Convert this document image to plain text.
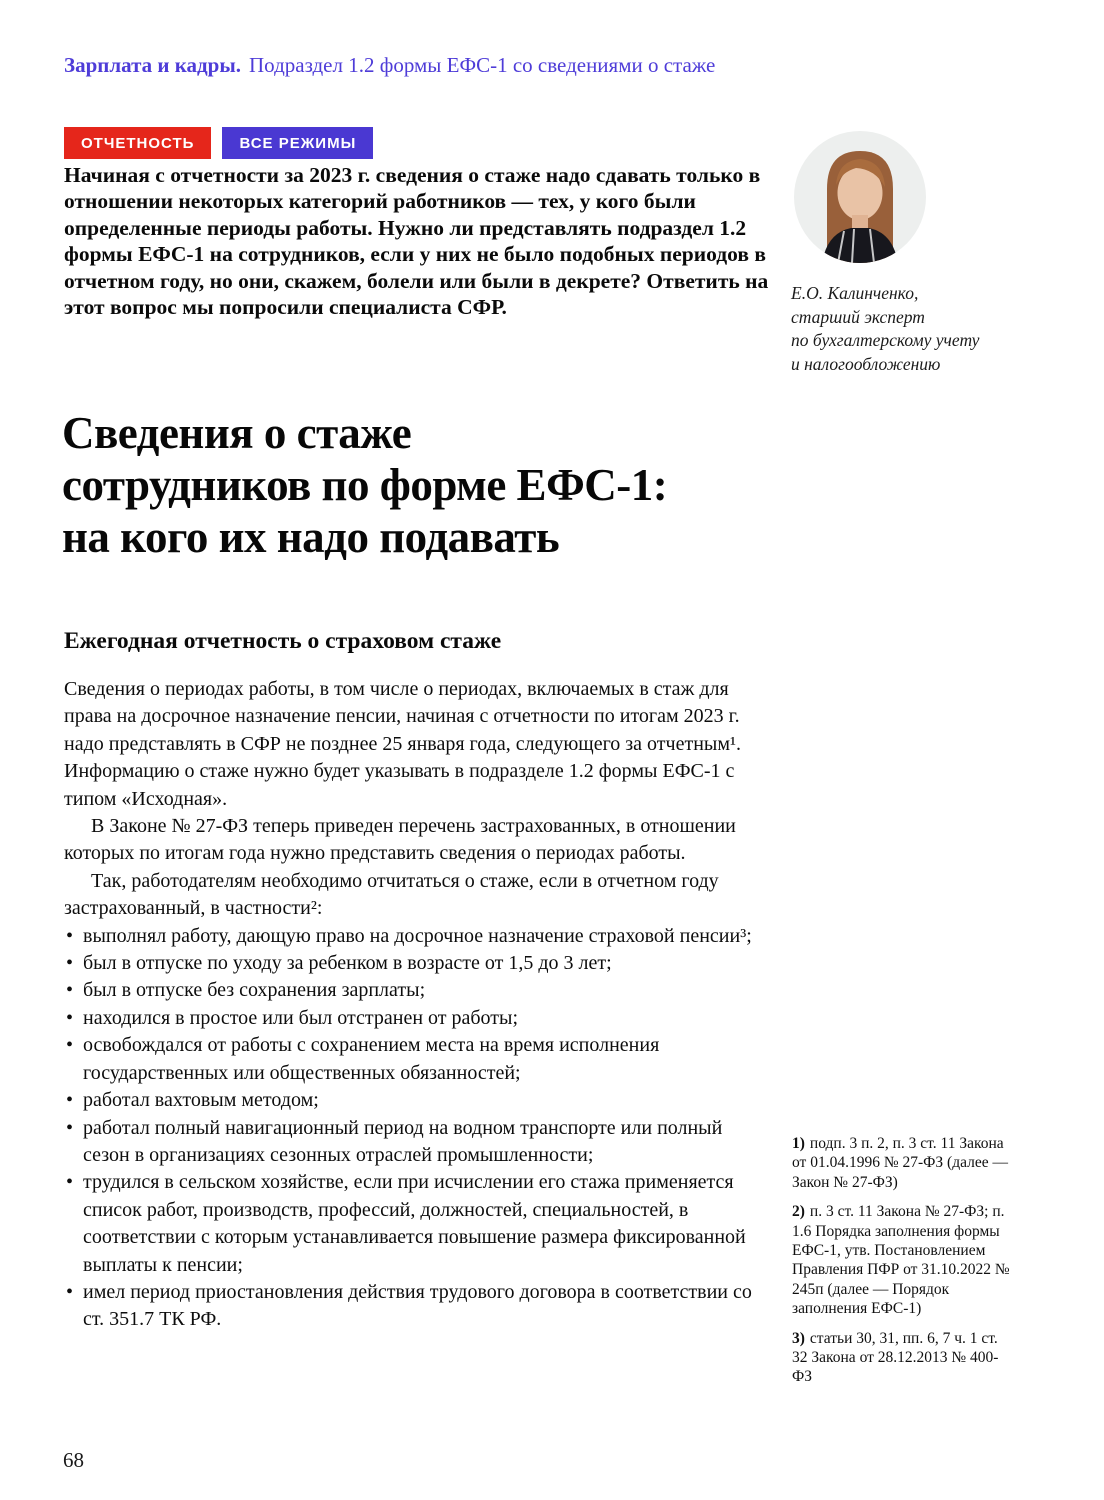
Зарплата и кадры. Подраздел 1.2 формы ЕФС-1 со сведениями о стаже
ОТЧЕТНОСТЬ	ВСЕ РЕЖИМЫ
Начиная с отчетности за 2023 г. сведения о стаже надо сдавать только в отношении некоторых категорий работников — тех, у кого были определенные периоды работы. Нужно ли представлять подраздел 1.2 формы ЕФС-1 на сотрудников, если у них не было подобных периодов в отчетном году, но они, скажем, болели или были в декрете? Ответить на этот вопрос мы попросили специалиста СФР.
Е.О. Калинченко,
старший эксперт
по бухгалтерскому учету
и налогообложению
Сведения о стаже
сотрудников по форме ЕФС-1:
на кого их надо подавать
Ежегодная отчетность о страховом стаже

Сведения о периодах работы, в том числе о периодах, включаемых в стаж для права на досрочное назначение пенсии, начиная с отчетности по итогам 2023 г. надо представлять в СФР не позднее 25 января года, следующего за отчетным¹. Информацию о стаже нужно будет указывать в подразделе 1.2 формы ЕФС-1 с типом «Исходная».

В Законе № 27-ФЗ теперь приведен перечень застрахованных, в отношении которых по итогам года нужно представить сведения о периодах работы.

Так, работодателям необходимо отчитаться о стаже, если в отчетном году застрахованный, в частности²:

• выполнял работу, дающую право на досрочное назначение страховой пенсии³;
• был в отпуске по уходу за ребенком в возрасте от 1,5 до 3 лет;
• был в отпуске без сохранения зарплаты;
• находился в простое или был отстранен от работы;
• освобождался от работы с сохранением места на время исполнения государственных или общественных обязанностей;
• работал вахтовым методом;
• работал полный навигационный период на водном транспорте или полный сезон в организациях сезонных отраслей промышленности;
• трудился в сельском хозяйстве, если при исчислении его стажа применяется список работ, производств, профессий, должностей, специальностей, в соответствии с которым устанавливается повышение размера фиксированной выплаты к пенсии;
• имел период приостановления действия трудового договора в соответствии со ст. 351.7 ТК РФ.
1) подп. 3 п. 2, п. 3 ст. 11 Закона от 01.04.1996 № 27-ФЗ (далее — Закон № 27-ФЗ)
2) п. 3 ст. 11 Закона № 27-ФЗ; п. 1.6 Порядка заполнения формы ЕФС-1, утв. Постановлением Правления ПФР от 31.10.2022 № 245п (далее — Порядок заполнения ЕФС-1)
3) статьи 30, 31, пп. 6, 7 ч. 1 ст. 32 Закона от 28.12.2013 № 400-ФЗ
68
